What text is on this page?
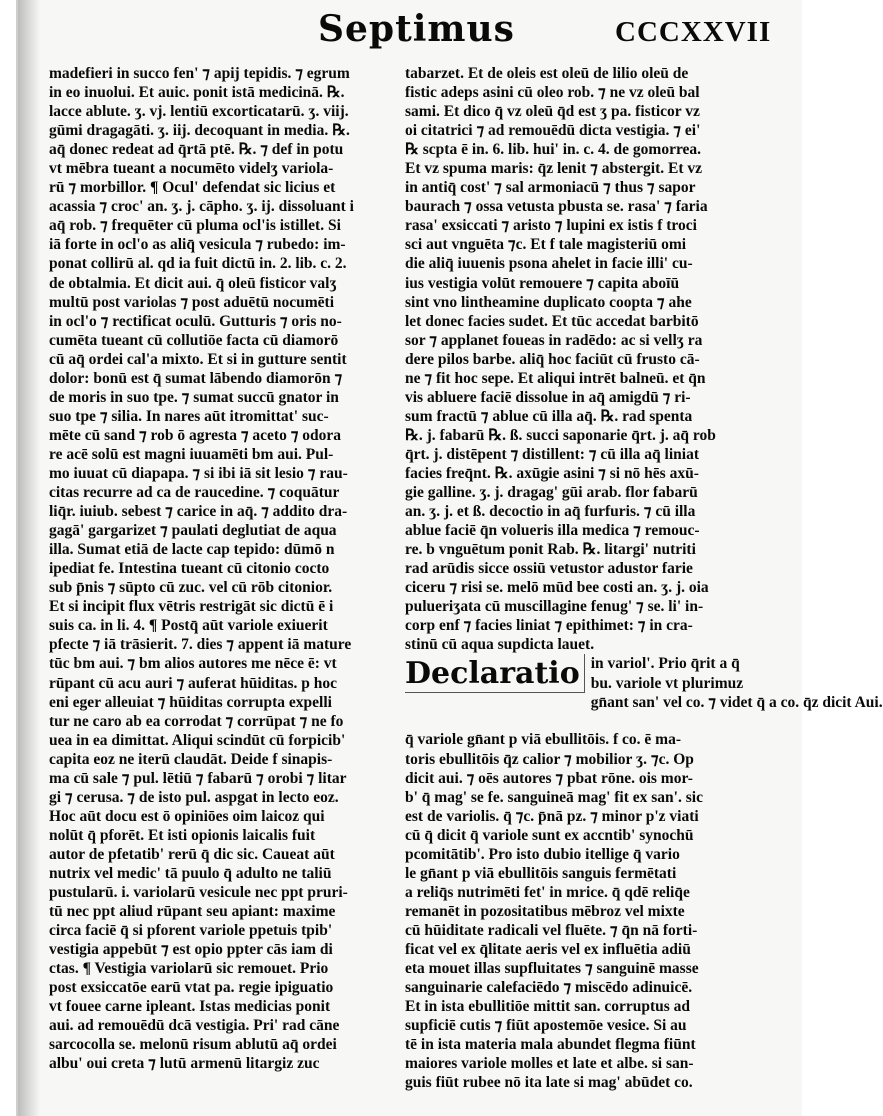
Septimus	CCCXXVII
madefieri in succo fen' ⁊ apij tepidis. ⁊ egrum
in eo inuolui. Et auic. ponit istā medicinā. ℞.
lacce ablute. ʒ. vj. lentiū excorticatarū. ʒ. viij.
gūmi dragagāti. ʒ. iij. decoquant in media. ℞.
aq̄ donec redeat ad q̄rtā ptē. ℞. ⁊ def in potu
vt mēbra tueant a nocumēto videlʒ variola-
rū ⁊ morbillor. ¶ Ocul' defendat sic licius et
acassia ⁊ croc' an. ʒ. j. cāpho. ʒ. ij. dissoluant i
aq̄ rob. ⁊ frequēter cū pluma ocl'is istillet. Si
iā forte in ocl'o as aliq̄ vesicula ⁊ rubedo: im-
ponat collirū al. qd ia fuit dictū in. 2. lib. c. 2.
de obtalmia. Et dicit aui. q̄ oleū fisticor valʒ
multū post variolas ⁊ post aduētū nocumēti
in ocl'o ⁊ rectificat oculū. Gutturis ⁊ oris no-
cumēta tueant cū collutiōe facta cū diamorō
cū aq̄ ordei cal'a mixto. Et si in gutture sentit
dolor: bonū est q̄ sumat lābendo diamorōn ⁊
de moris in suo tpe. ⁊ sumat succū gnator in
suo tpe ⁊ silia. In nares aūt itromittat' suc-
mēte cū sand ⁊ rob ō agresta ⁊ aceto ⁊ odora
re acē solū est magni iuuamēti bm aui. Pul-
mo iuuat cū diapapa. ⁊ si ibi iā sit lesio ⁊ rau-
citas recurre ad ca de raucedine. ⁊ coquātur
liq̄r. iuiub. sebest ⁊ carice in aq̄. ⁊ addito dra-
gagā' gargarizet ⁊ paulati deglutiat de aqua
illa. Sumat etiā de lacte cap tepido: dūmō n
ipediat fe. Intestina tueant cū citonio cocto
sub p̄nis ⁊ sūpto cū zuc. vel cū rōb citonior.
Et si incipit flux vētris restrigāt sic dictū ē i
suis ca. in li. 4. ¶ Postq̄ aūt variole exiuerit
pfecte ⁊ iā trāsierit. 7. dies ⁊ appent iā mature
tūc bm aui. ⁊ bm alios autores me nēce ē: vt
rūpant cū acu auri ⁊ auferat hūiditas. p hoc
eni eger alleuiat ⁊ hūiditas corrupta expelli
tur ne caro ab ea corrodat ⁊ corrūpat ⁊ ne fo
uea in ea dimittat. Aliqui scindūt cū forpicib'
capita eoz ne iterū claudāt. Deide f sinapis-
ma cū sale ⁊ pul. lētiū ⁊ fabarū ⁊ orobi ⁊ litar
gi ⁊ cerusa. ⁊ de isto pul. aspgat in lecto eoz.
Hoc aūt docu est ō opiniōes oim laicoz qui
nolūt q̄ pforēt. Et isti opionis laicalis fuit
autor de pfetatib' rerū q̄ dic sic. Caueat aūt
nutrix vel medic' tā puulo q̄ adulto ne taliū
pustularū. i. variolarū vesicule nec ppt pruri-
tū nec ppt aliud rūpant seu apiant: maxime
circa faciē q̄ si pforent variole ppetuis tpib'
vestigia appebūt ⁊ est opio ppter cās iam di
ctas. ¶ Vestigia variolarū sic remouet. Prio
post exsiccatōe earū vtat pa. regie ipiguatio
vt fouee carne ipleant. Istas medicias ponit
aui. ad remouēdū dcā vestigia. Pri' rad cāne
sarcocolla se. melonū risum ablutū aq̄ ordei
albu' oui creta ⁊ lutū armenū litargiz zuc
tabarzet. Et de oleis est oleū de lilio oleū de
fistic adeps asini cū oleo rob. ⁊ ne vz oleū bal
sami. Et dico q̄ vz oleū q̄d est ʒ pa. fisticor vz
oi citatrici ⁊ ad remouēdū dicta vestigia. ⁊ ei'
℞ scpta ē in. 6. lib. hui' in. c. 4. de gomorrea.
Et vz spuma maris: q̄z lenit ⁊ abstergit. Et vz
in antiq̄ cost' ⁊ sal armoniacū ⁊ thus ⁊ sapor
baurach ⁊ ossa vetusta pbusta se. rasa' ⁊ faria
rasa' exsiccati ⁊ aristo ⁊ lupini ex istis f troci
sci aut vnguēta ⁊c. Et f tale magisteriū omi
die aliq̄ iuuenis psona ahelet in facie illi' cu-
ius vestigia volūt remouere ⁊ capita aboīū
sint vno lintheamine duplicato coopta ⁊ ahe
let donec facies sudet. Et tūc accedat barbitō
sor ⁊ applanet foueas in radēdo: ac si vellʒ ra
dere pilos barbe. aliq̄ hoc faciūt cū frusto cā-
ne ⁊ fit hoc sepe. Et aliqui intrēt balneū. et q̄n
vis abluere faciē dissolue in aq̄ amigdū ⁊ ri-
sum fractū ⁊ ablue cū illa aq̄. ℞. rad spenta
℞. j. fabarū ℞. ß. succi saponarie q̄rt. j. aq̄ rob
q̄rt. j. distēpent ⁊ distillent: ⁊ cū illa aq̄ liniat
facies freq̄nt. ℞. axūgie asini ⁊ si nō hēs axū-
gie galline. ʒ. j. dragag' gūi arab. flor fabarū
an. ʒ. j. et ß. decoctio in aq̄ furfuris. ⁊ cū illa
ablue faciē q̄n volueris illa medica ⁊ remouc-
re. b vnguētum ponit Rab. ℞. litargi' nutriti
rad arūdis sicce ossiū vetustor adustor farie
ciceru ⁊ risi se. melō mūd bee costi an. ʒ. j. oia
pulueriʒata cū muscillagine fenug' ⁊ se. li' in-
corp enf ⁊ facies liniat ⁊ epithimet: ⁊ in cra-
stinū cū aqua supdicta lauet.
Declaratio in variol'. Prio q̄rit a q̄
bu. variole vt plurimuz
gn̄ant san' vel co. ⁊ videt q̄ a co. q̄z dicit Aui.
q̄ variole gn̄ant p viā ebullitōis. f co. ē ma-
toris ebullitōis q̄z calior ⁊ mobilior ʒ. ⁊c. Op
dicit aui. ⁊ oēs autores ⁊ pbat rōne. ois mor-
b' q̄ mag' se fe. sanguineā mag' fit ex san'. sic
est de variolis. q̄ ⁊c. p̄nā pz. ⁊ minor p'z viati
cū q̄ dicit q̄ variole sunt ex accntib' synochū
pcomitātib'. Pro isto dubio itellige q̄ vario
le gn̄ant p viā ebullitōis sanguis fermētati
a reliq̄s nutrimēti fet' in mrice. q̄ qdē reliq̄e
remanēt in pozositatibus mēbroz vel mixte
cū hūiditate radicali vel fluēte. ⁊ q̄n nā forti-
ficat vel ex q̄litate aeris vel ex influētia adiū
eta mouet illas supfluitates ⁊ sanguinē masse
sanguinarie calefaciēdo ⁊ miscēdo adinuicē.
Et in ista ebullitiōe mittit san. corruptus ad
supficiē cutis ⁊ fiūt apostemōe vesice. Si au
tē in ista materia mala abundet flegma fiūnt
maiores variole molles et late et albe. si san-
guis fiūt rubee nō ita late si mag' abūdet co.
